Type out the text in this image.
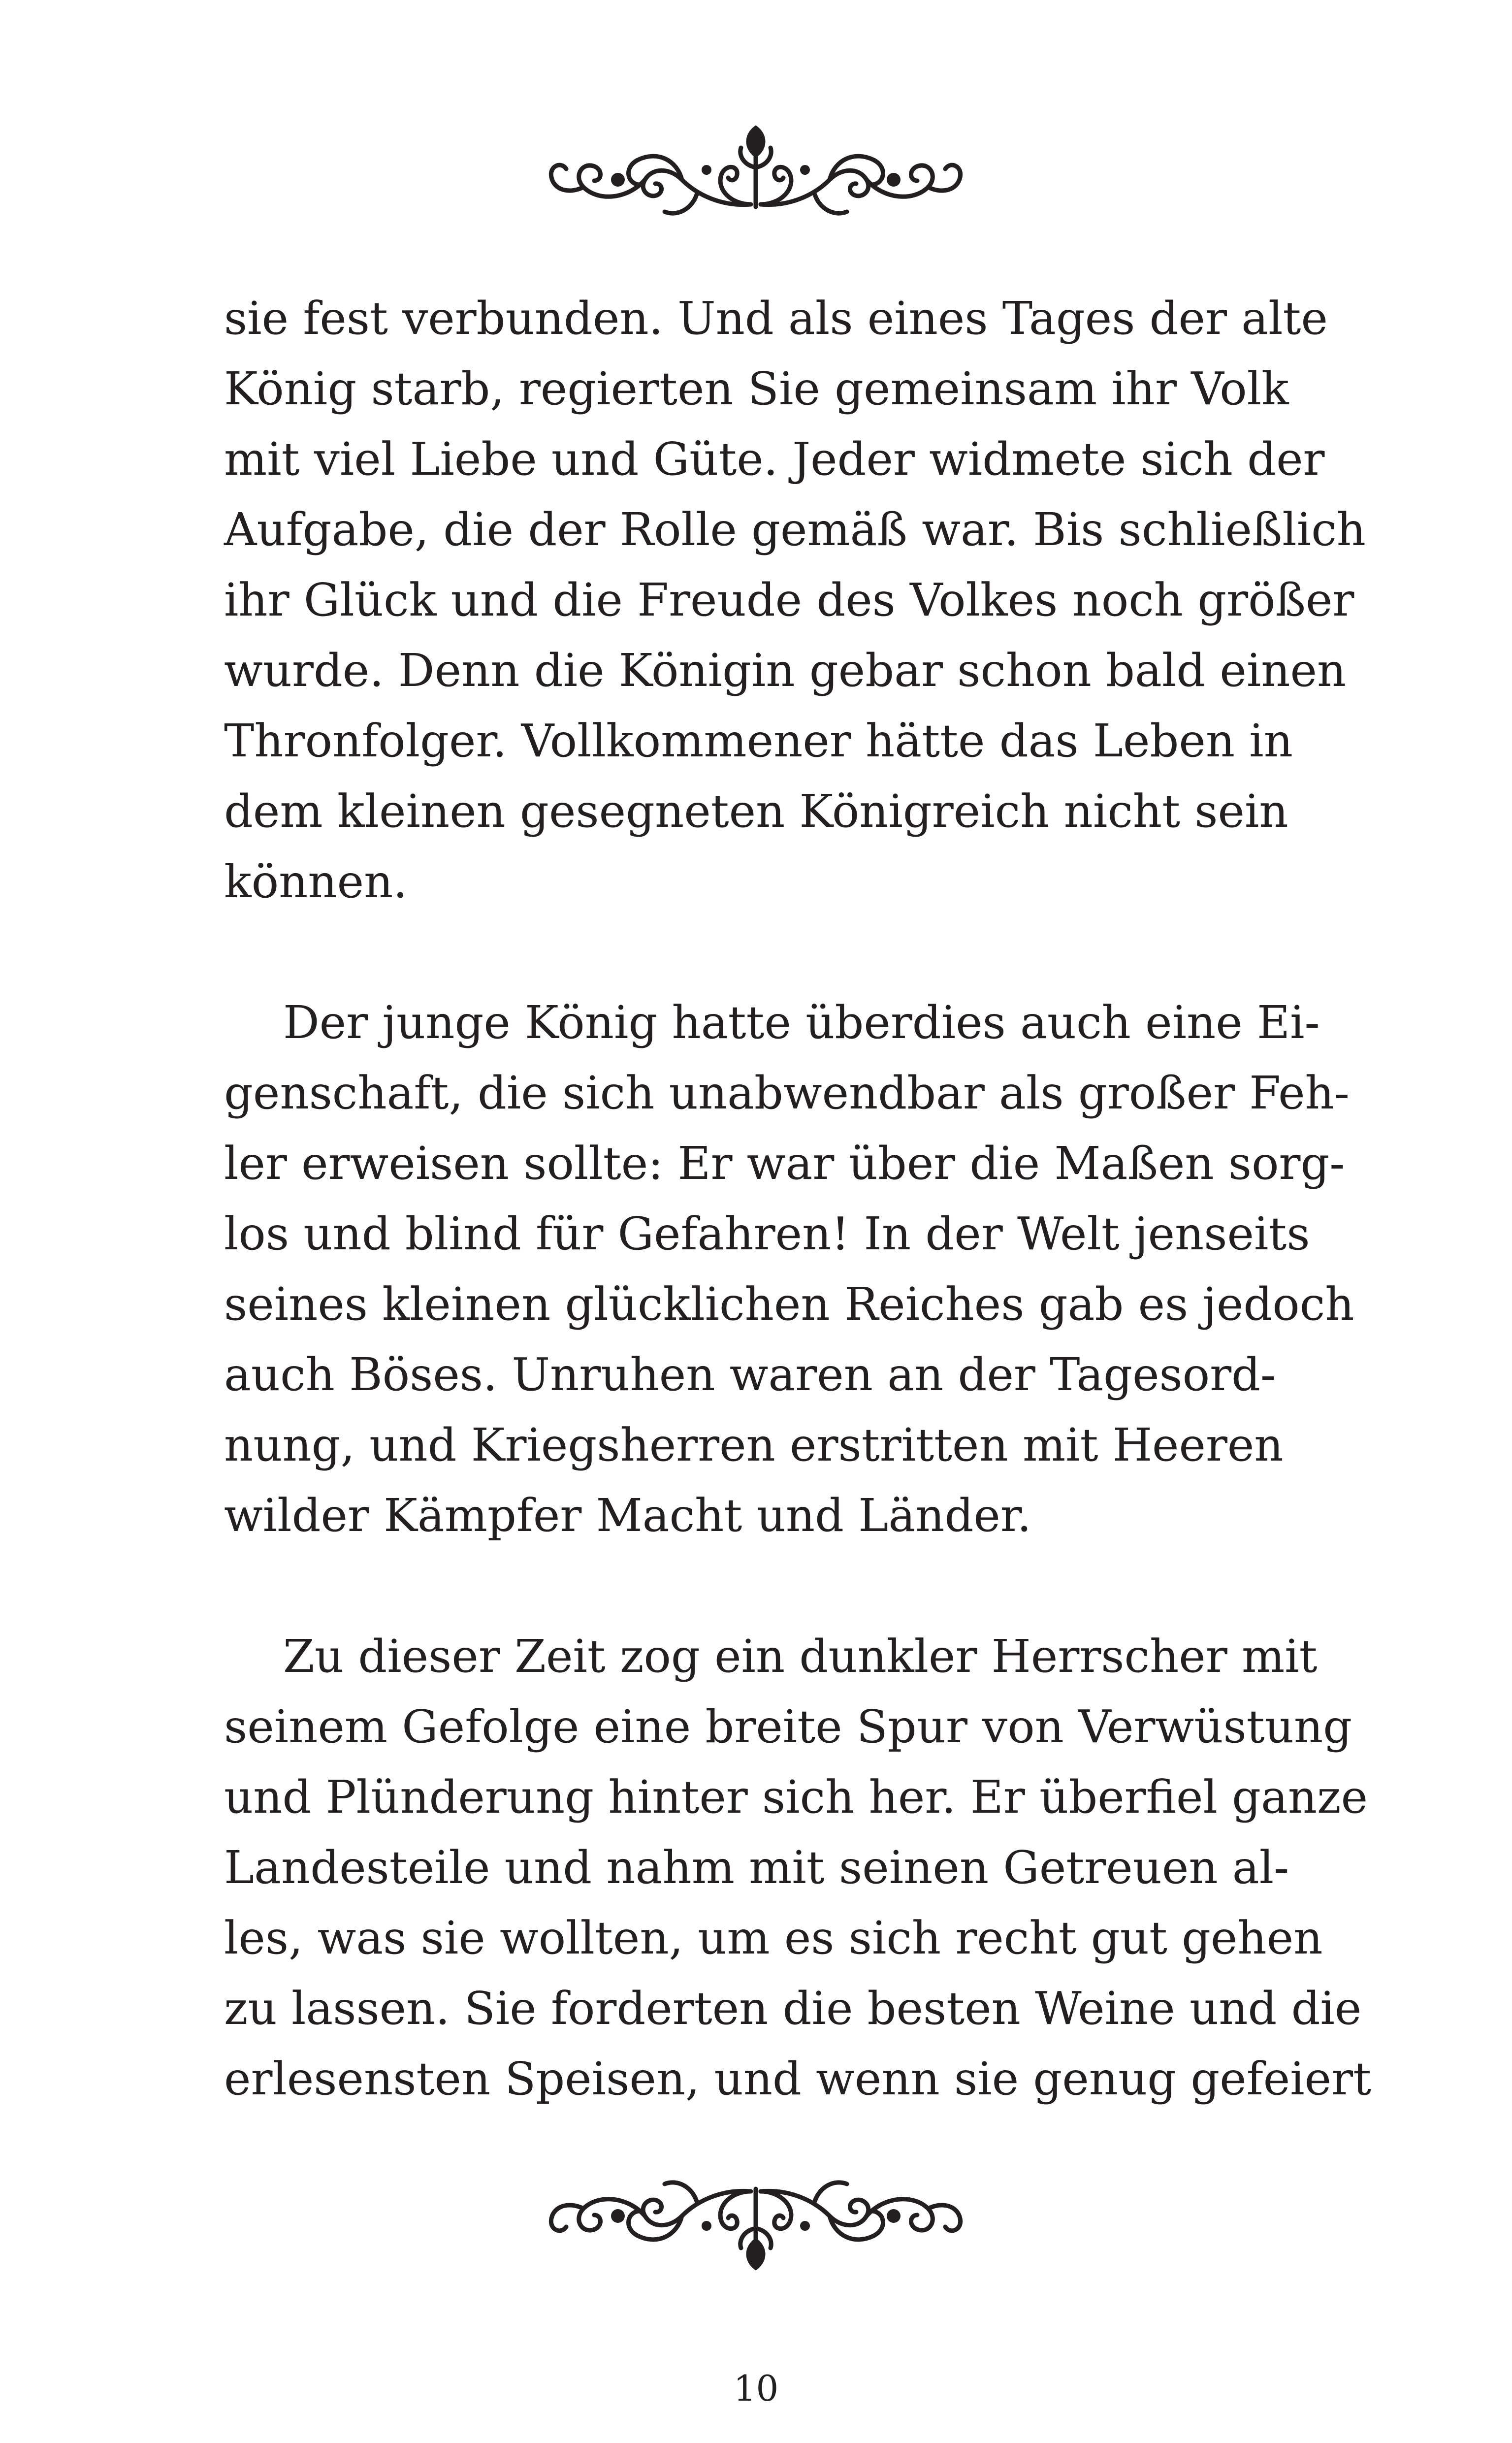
sie fest verbunden. Und als eines Tages der alte
König starb, regierten Sie gemeinsam ihr Volk
mit viel Liebe und Güte. Jeder widmete sich der
Aufgabe, die der Rolle gemäß war. Bis schließlich
ihr Glück und die Freude des Volkes noch größer
wurde. Denn die Königin gebar schon bald einen
Thronfolger. Vollkommener hätte das Leben in
dem kleinen gesegneten Königreich nicht sein
können.
Der junge König hatte überdies auch eine Ei-
genschaft, die sich unabwendbar als großer Feh-
ler erweisen sollte: Er war über die Maßen sorg-
los und blind für Gefahren! In der Welt jenseits
seines kleinen glücklichen Reiches gab es jedoch
auch Böses. Unruhen waren an der Tagesord-
nung, und Kriegsherren erstritten mit Heeren
wilder Kämpfer Macht und Länder.
Zu dieser Zeit zog ein dunkler Herrscher mit
seinem Gefolge eine breite Spur von Verwüstung
und Plünderung hinter sich her. Er überfiel ganze
Landesteile und nahm mit seinen Getreuen al-
les, was sie wollten, um es sich recht gut gehen
zu lassen. Sie forderten die besten Weine und die
erlesensten Speisen, und wenn sie genug gefeiert
10
